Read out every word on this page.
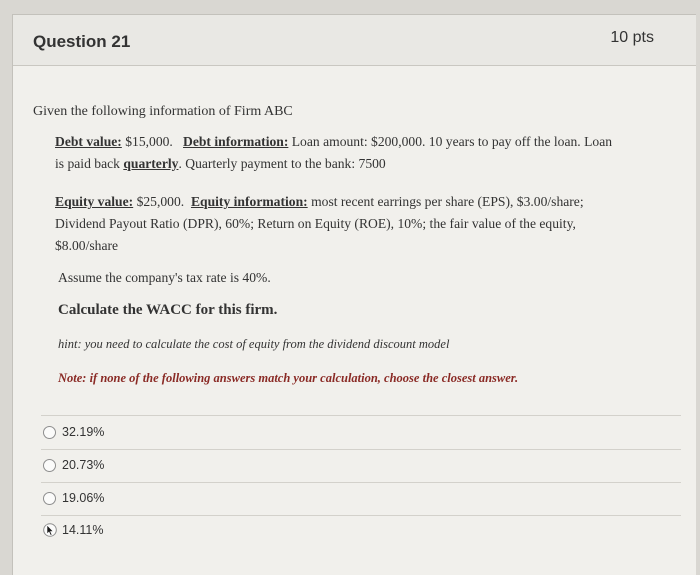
Question 21	10 pts
Given the following information of Firm ABC
Debt value: $15,000. Debt information: Loan amount: $200,000. 10 years to pay off the loan. Loan
is paid back quarterly. Quarterly payment to the bank: 7500
Equity value: $25,000. Equity information: most recent earrings per share (EPS), $3.00/share;
Dividend Payout Ratio (DPR), 60%; Return on Equity (ROE), 10%; the fair value of the equity,
$8.00/share
Assume the company's tax rate is 40%.
Calculate the WACC for this firm.
hint: you need to calculate the cost of equity from the dividend discount model
Note: if none of the following answers match your calculation, choose the closest answer.
32.19%
20.73%
19.06%
14.11%
